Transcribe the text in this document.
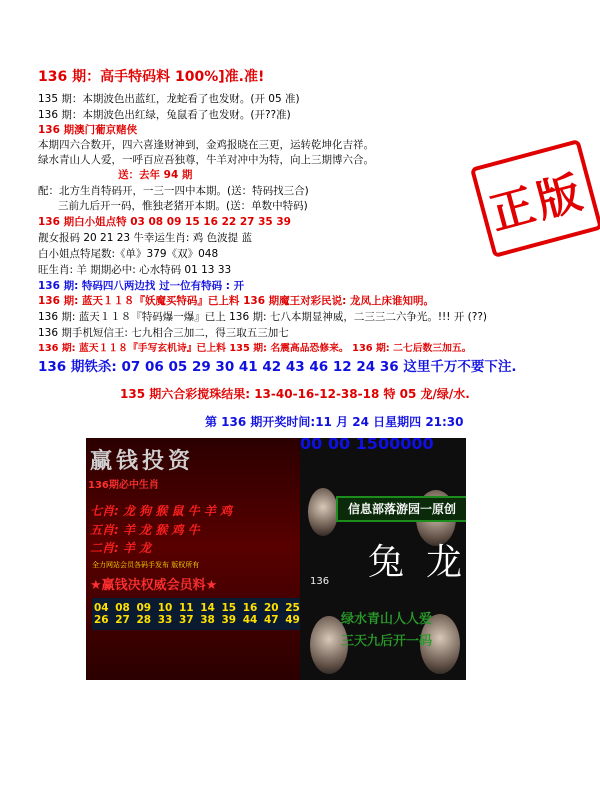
136 期：高手特码料 100%]准.准!
135 期：本期波色出蓝红，龙蛇看了也发财。(开 05 准)
136 期：本期波色出红绿，兔鼠看了也发财。(开??准)
136 期澳门葡京赌侠
本期四六合数开，四六喜逢财神到，金鸡报晓在三更，运转乾坤化吉祥。
绿水青山人人爱，一呼百应吾独尊，牛羊对冲中为特，向上三期博六合。
送：去年 94 期
配：北方生肖特码开，一三一四中本期。(送：特码找三合)
三前九后开一码，惟独老猪开本期。(送：单数中特码)
136 期白小姐点特 03 08 09 15 16 22 27 35 39
靓女报码 20 21 23 牛幸运生肖: 鸡 色波提 蓝
白小姐点特尾数:《单》379《双》048
旺生肖: 羊 期期必中: 心水特码 01 13 33
136 期: 特码四八两边找 过一位有特码 : 开
136 期: 蓝天１１８『妖魔买特码』已上料 136 期魔王对彩民说: 龙凤上床谁知明。
136 期: 蓝天１１８『特码爆一爆』已上 136 期: 七八本期显神威，二三三二六争光。!!! 开 (??)
136 期手机短信王: 七九相合三加二，得三取五三加七
136 期: 蓝天１１８『手写玄机诗』已上料 135 期: 名震高品恐修来。 136 期: 二七后数三加五。
136 期铁杀: 07 06 05 29 30 41 42 43 46 12 24 36 这里千万不要下注.
135 期六合彩搅珠结果: 13-40-16-12-38-18 特 05 龙/绿/水.
第 136 期开奖时间:11 月 24 日星期四 21:30
正版
赢钱投资
136期必中生肖
七肖: 龙 狗 猴 鼠 牛 羊 鸡
五肖: 羊 龙 猴 鸡 牛
二肖: 羊 龙
全力网站会员各码手发布 版权所有
★赢钱决权威会员料★
04 08 09 10 11 14 15 16 20 25
26 27 28 33 37 38 39 44 47 49
00 00 1500000
信息部落游园一原创
兔 龙
136
绿水青山人人爱
三天九后开一码
